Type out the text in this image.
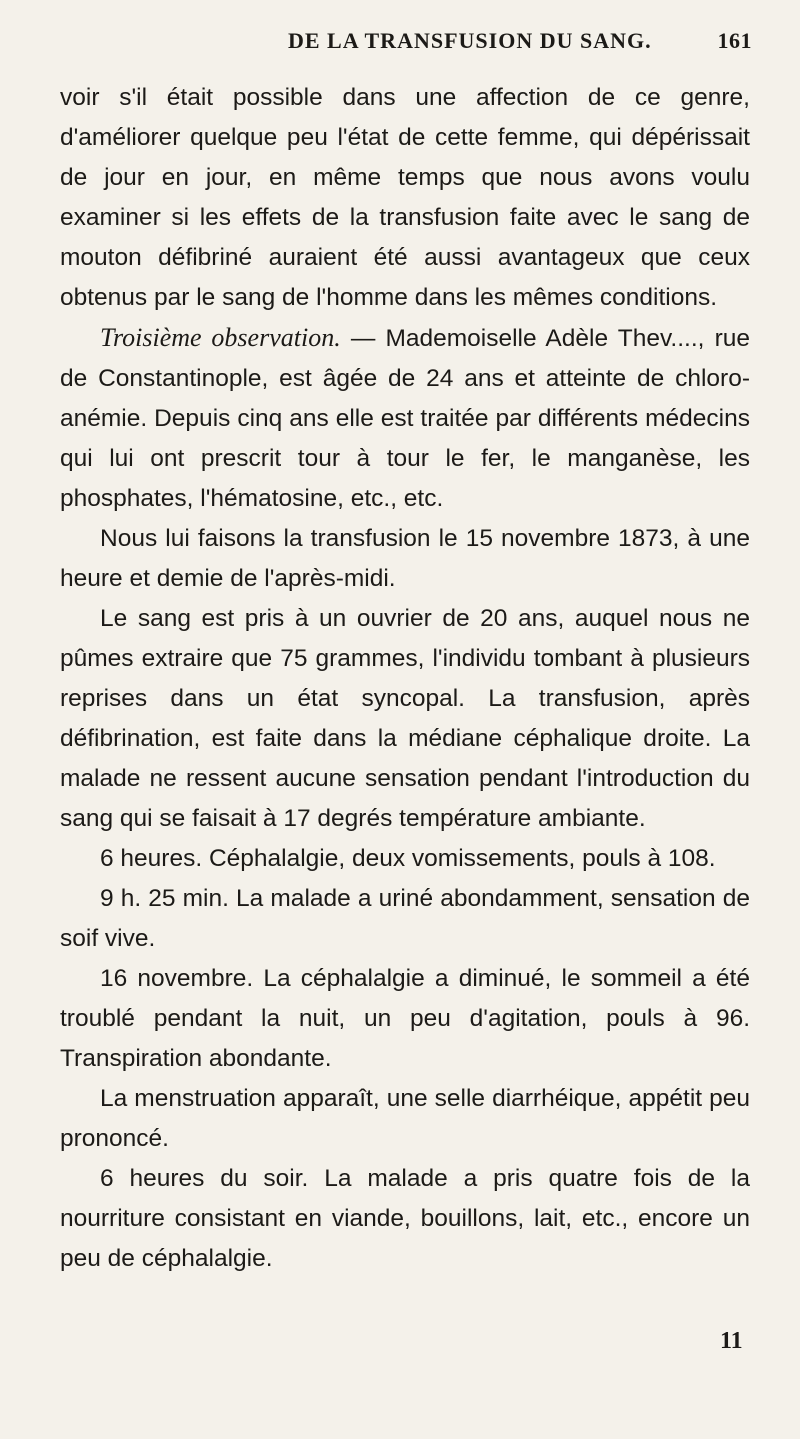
DE LA TRANSFUSION DU SANG.	161

voir s'il était possible dans une affection de ce genre, d'améliorer quelque peu l'état de cette femme, qui dépérissait de jour en jour, en même temps que nous avons voulu examiner si les effets de la transfusion faite avec le sang de mouton défibriné auraient été aussi avantageux que ceux obtenus par le sang de l'homme dans les mêmes conditions.

Troisième observation. — Mademoiselle Adèle Thev...., rue de Constantinople, est âgée de 24 ans et atteinte de chloro-anémie. Depuis cinq ans elle est traitée par différents médecins qui lui ont prescrit tour à tour le fer, le manganèse, les phosphates, l'hématosine, etc., etc.

Nous lui faisons la transfusion le 15 novembre 1873, à une heure et demie de l'après-midi.

Le sang est pris à un ouvrier de 20 ans, auquel nous ne pûmes extraire que 75 grammes, l'individu tombant à plusieurs reprises dans un état syncopal. La transfusion, après défibrination, est faite dans la médiane céphalique droite. La malade ne ressent aucune sensation pendant l'introduction du sang qui se faisait à 17 degrés température ambiante.

6 heures. Céphalalgie, deux vomissements, pouls à 108.

9 h. 25 min. La malade a uriné abondamment, sensation de soif vive.

16 novembre. La céphalalgie a diminué, le sommeil a été troublé pendant la nuit, un peu d'agitation, pouls à 96. Transpiration abondante.

La menstruation apparaît, une selle diarrhéique, appétit peu prononcé.

6 heures du soir. La malade a pris quatre fois de la nourriture consistant en viande, bouillons, lait, etc., encore un peu de céphalalgie.

11
